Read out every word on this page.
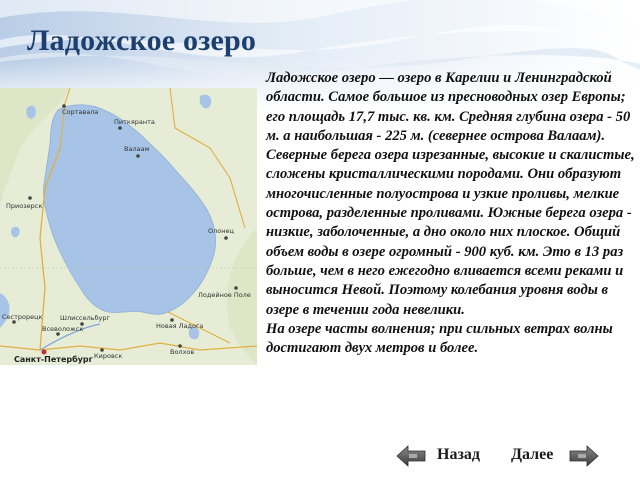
Ладожское озеро
Сортавала
Питкяранта
Валаам
Приозерск
Олонец
Лодейное Поле
Новая Ладога
Волхов
Кировск
Шлиссельбург
Всеволожск
Сестрорецк
Санкт-Петербург

Ладожское озеро — озеро в Карелии и Ленинградской области. Самое большое из пресноводных озер Европы; его площадь 17,7 тыс. кв. км. Средняя глубина озера - 50 м. а наибольшая - 225 м. (севернее острова Валаам). Северные берега озера изрезанные, высокие и скалистые, сложены кристаллическими породами. Они образуют многочисленные полуострова и узкие проливы, мелкие острова, разделенные проливами. Южные берега озера - низкие, заболоченные, а дно около них плоское. Общий объем воды в озере огромный - 900 куб. км. Это в 13 раз больше, чем в него ежегодно вливается всеми реками и выносится Невой. Поэтому колебания уровня воды в озере в течении года невелики.

На озере часты волнения; при сильных ветрах волны достигают двух метров и более.

Назад Далее
